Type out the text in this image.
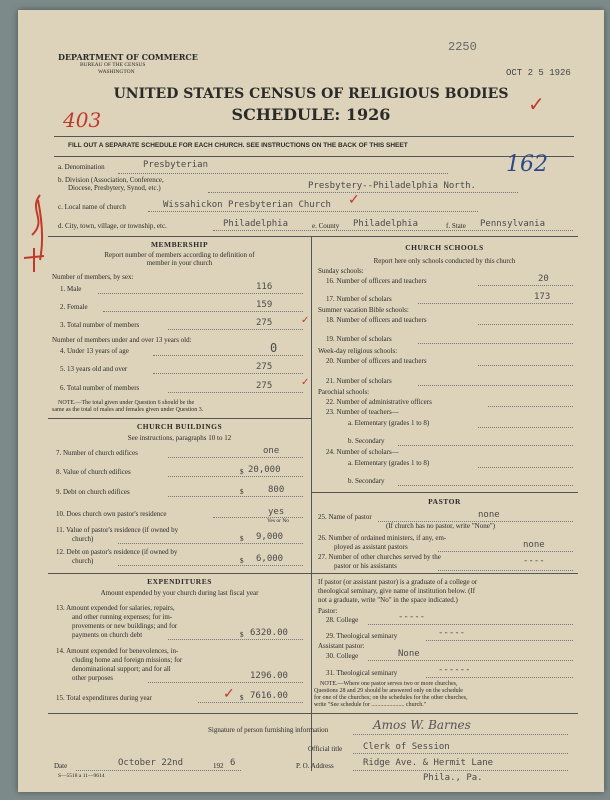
DEPARTMENT OF COMMERCE
BUREAU OF THE CENSUS
WASHINGTON
2250
OCT 2 5 1926
UNITED STATES CENSUS OF RELIGIOUS BODIES
SCHEDULE: 1926
403
✓
FILL OUT A SEPARATE SCHEDULE FOR EACH CHURCH. SEE INSTRUCTIONS ON THE BACK OF THIS SHEET
a. Denomination	Presbyterian	162
b. Division (Association, Conference,
Diocese, Presbytery, Synod, etc.)	Presbytery--Philadelphia North.
c. Local name of church	Wissahickon Presbyterian Church ✓
d. City, town, village, or township, etc.	Philadelphia	e. County Philadelphia	f. State Pennsylvania
MEMBERSHIP
Report number of members according to definition of
member in your church
Number of members, by sex:
1. Male	116
2. Female	159
3. Total number of members	275	✓
Number of members under and over 13 years old:
4. Under 13 years of age	0
5. 13 years old and over	275
6. Total number of members	275	✓
NOTE.—The total given under Question 6 should be the
same as the total of males and females given under Question 3.
CHURCH BUILDINGS
See instructions, paragraphs 10 to 12
7. Number of church edifices	one
8. Value of church edifices	$ 20,000
9. Debt on church edifices	$	800
10. Does church own pastor's residence	yes
Yes or No
11. Value of pastor's residence (if owned by
church)	$ 9,000
12. Debt on pastor's residence (if owned by
church)	$ 6,000
EXPENDITURES
Amount expended by your church during last fiscal year
13. Amount expended for salaries, repairs,
and other running expenses; for im-
provements or new buildings; and for
payments on church debt	$ 6320.00
14. Amount expended for benevolences, in-
cluding home and foreign missions; for
denominational support; and for all
other purposes	1296.00
15. Total expenditures during year	✓ $ 7616.00
CHURCH SCHOOLS
Report here only schools conducted by this church
Sunday schools:
16. Number of officers and teachers	20
17. Number of scholars	173
Summer vacation Bible schools:
18. Number of officers and teachers
19. Number of scholars
Week-day religious schools:
20. Number of officers and teachers
21. Number of scholars
Parochial schools:
22. Number of administrative officers
23. Number of teachers—
a. Elementary (grades 1 to 8)
b. Secondary
24. Number of scholars—
a. Elementary (grades 1 to 8)
b. Secondary
PASTOR
25. Name of pastor	none
(If church has no pastor, write "None")
26. Number of ordained ministers, if any, em-
ployed as assistant pastors	none
27. Number of other churches served by the
pastor or his assistants	----
If pastor (or assistant pastor) is a graduate of a college or
theological seminary, give name of institution below. (If
not a graduate, write "No" in the space indicated.)
Pastor:
28. College	-----
29. Theological seminary	-----
Assistant pastor:
30. College	None
31. Theological seminary	------
NOTE.—Where one pastor serves two or more churches,
Questions 28 and 29 should be answered only on the schedule
for one of the churches; on the schedules for the other churches,
write "See schedule for ...................... church."
Signature of person furnishing information	Amos W. Barnes
Official title Clerk of Session
Date	October 22nd	192 6	P. O. Address	Ridge Ave. & Hermit Lane
Phila., Pa.
S—5518 a 11—9614
